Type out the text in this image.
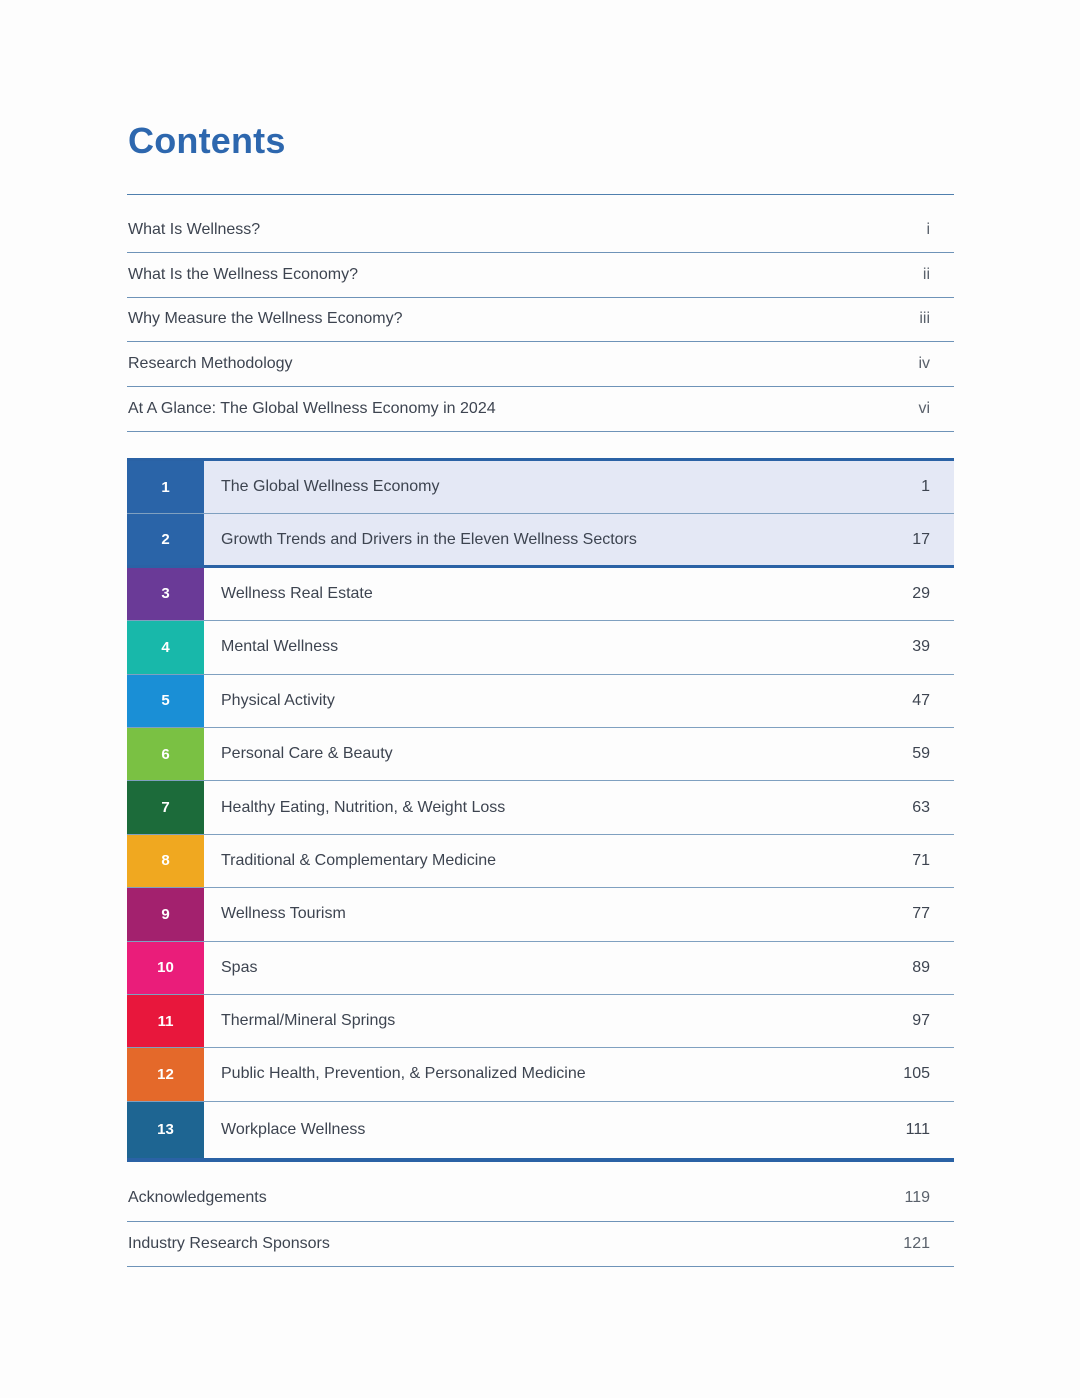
Contents
What Is Wellness?	i
What Is the Wellness Economy?	ii
Why Measure the Wellness Economy?	iii
Research Methodology	iv
At A Glance: The Global Wellness Economy in 2024	vi
1	The Global Wellness Economy	1
2	Growth Trends and Drivers in the Eleven Wellness Sectors	17
3	Wellness Real Estate	29
4	Mental Wellness	39
5	Physical Activity	47
6	Personal Care & Beauty	59
7	Healthy Eating, Nutrition, & Weight Loss	63
8	Traditional & Complementary Medicine	71
9	Wellness Tourism	77
10	Spas	89
11	Thermal/Mineral Springs	97
12	Public Health, Prevention, & Personalized Medicine	105
13	Workplace Wellness	111
Acknowledgements	119
Industry Research Sponsors	121
